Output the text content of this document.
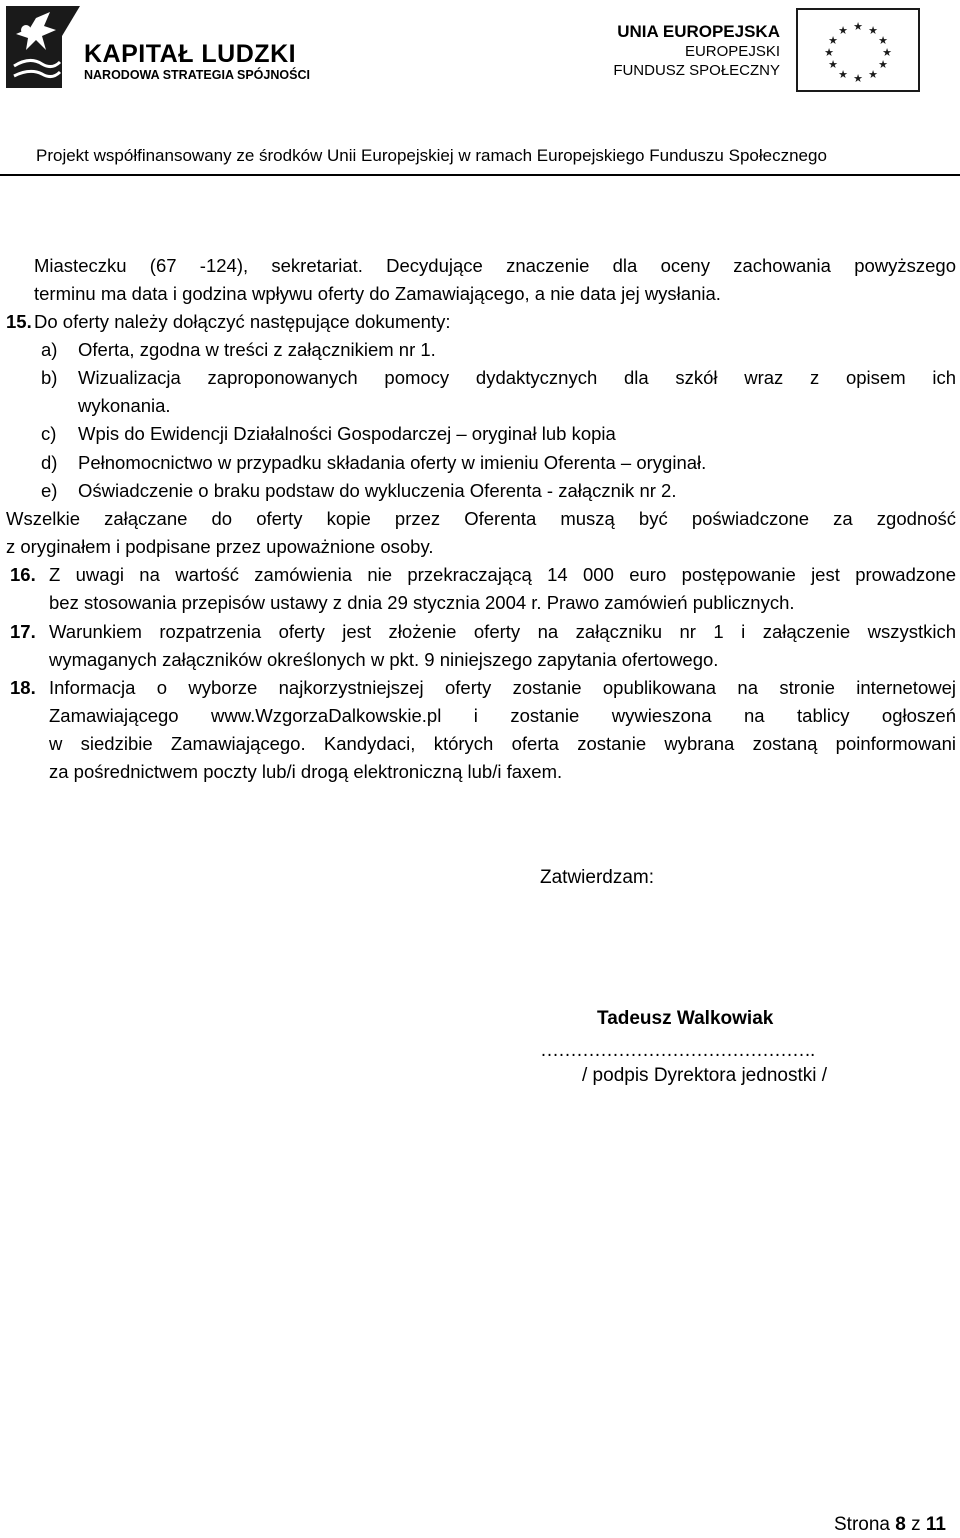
KAPITAŁ LUDZKI
NARODOWA STRATEGIA SPÓJNOŚCI
UNIA EUROPEJSKA
EUROPEJSKI
FUNDUSZ SPOŁECZNY
★ ★
★
★
★
★
★
★
★
★
★
★
Projekt współfinansowany ze środków Unii Europejskiej w ramach Europejskiego Funduszu Społecznego
Miasteczku (67 -124), sekretariat. Decydujące znaczenie dla oceny zachowania powyższego
terminu ma data i godzina wpływu oferty do Zamawiającego, a nie data jej wysłania.
15. Do oferty należy dołączyć następujące dokumenty:
a) Oferta, zgodna w treści z załącznikiem nr 1.
b) Wizualizacja zaproponowanych pomocy dydaktycznych dla szkół wraz z opisem ich
wykonania.
c) Wpis do Ewidencji Działalności Gospodarczej – oryginał lub kopia
d) Pełnomocnictwo w przypadku składania oferty w imieniu Oferenta – oryginał.
e) Oświadczenie o braku podstaw do wykluczenia Oferenta - załącznik nr 2.
Wszelkie załączane do oferty kopie przez Oferenta muszą być poświadczone za zgodność
z oryginałem i podpisane przez upoważnione osoby.
16. Z uwagi na wartość zamówienia nie przekraczającą 14 000 euro postępowanie jest prowadzone
bez stosowania przepisów ustawy z dnia 29 stycznia 2004 r. Prawo zamówień publicznych.
17. Warunkiem rozpatrzenia oferty jest złożenie oferty na załączniku nr 1 i załączenie wszystkich
wymaganych załączników określonych w pkt. 9 niniejszego zapytania ofertowego.
18. Informacja o wyborze najkorzystniejszej oferty zostanie opublikowana na stronie internetowej
Zamawiającego www.WzgorzaDalkowskie.pl i zostanie wywieszona na tablicy ogłoszeń
w siedzibie Zamawiającego. Kandydaci, których oferta zostanie wybrana zostaną poinformowani
za pośrednictwem poczty lub/i drogą elektroniczną lub/i faxem.
Zatwierdzam:
Tadeusz Walkowiak
……………………………………….
/ podpis Dyrektora jednostki /
Strona 8 z 11
